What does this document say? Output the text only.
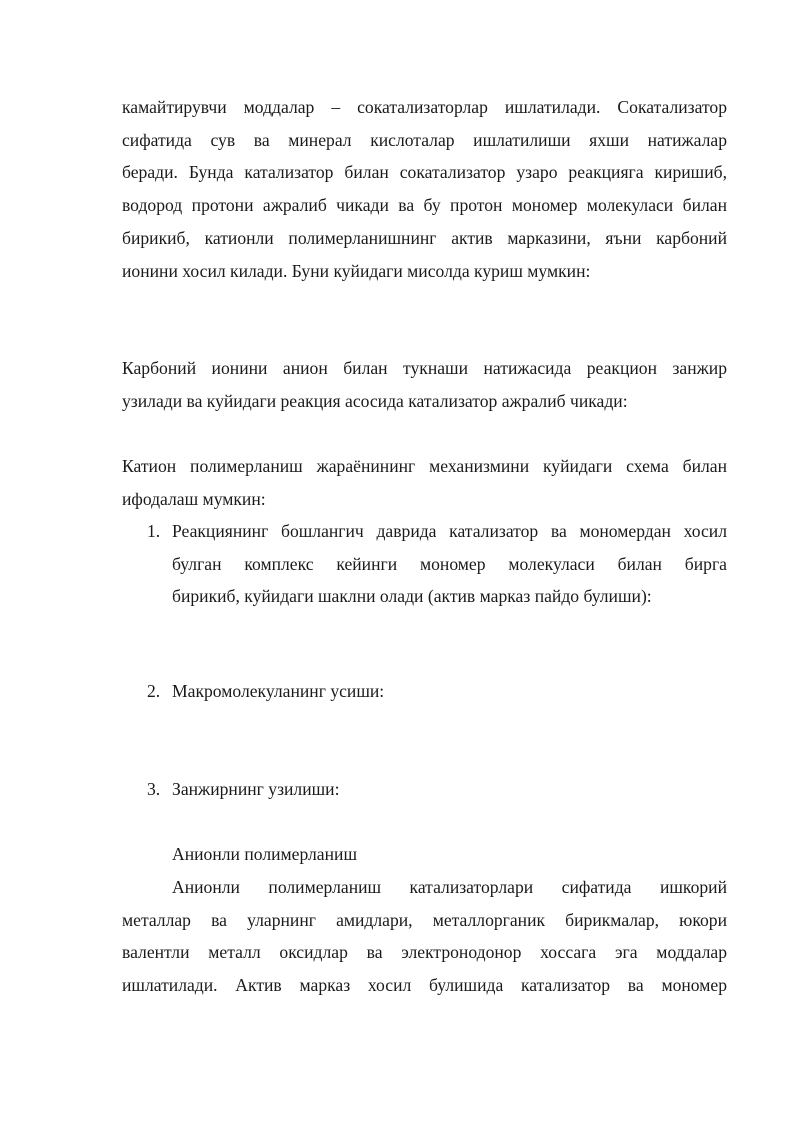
камайтирувчи моддалар – сокатализаторлар ишлатилади. Сокатализатор
сифатида сув ва минерал кислоталар ишлатилиши яхши натижалар
беради. Бунда катализатор билан сокатализатор узаро реакцияга киришиб,
водород протони ажралиб чикади ва бу протон мономер молекуласи билан
бирикиб, катионли полимерланишнинг актив марказини, яъни карбоний
ионини хосил килади. Буни куйидаги мисолда куриш мумкин:
Карбоний ионини анион билан тукнаши натижасида реакцион занжир
узилади ва куйидаги реакция асосида катализатор ажралиб чикади:
Катион полимерланиш жараёнининг механизмини куйидаги схема билан
ифодалаш мумкин:
1. Реакциянинг бошлангич даврида катализатор ва мономердан хосил
булган комплекс кейинги мономер молекуласи билан бирга
бирикиб, куйидаги шаклни олади (актив марказ пайдо булиши):
2. Макромолекуланинг усиши:
3. Занжирнинг узилиши:
Анионли полимерланиш
Анионли полимерланиш катализаторлари сифатида ишкорий
металлар ва уларнинг амидлари, металлорганик бирикмалар, юкори
валентли металл оксидлар ва электронодонор хоссага эга моддалар
ишлатилади. Актив марказ хосил булишида катализатор ва мономер
